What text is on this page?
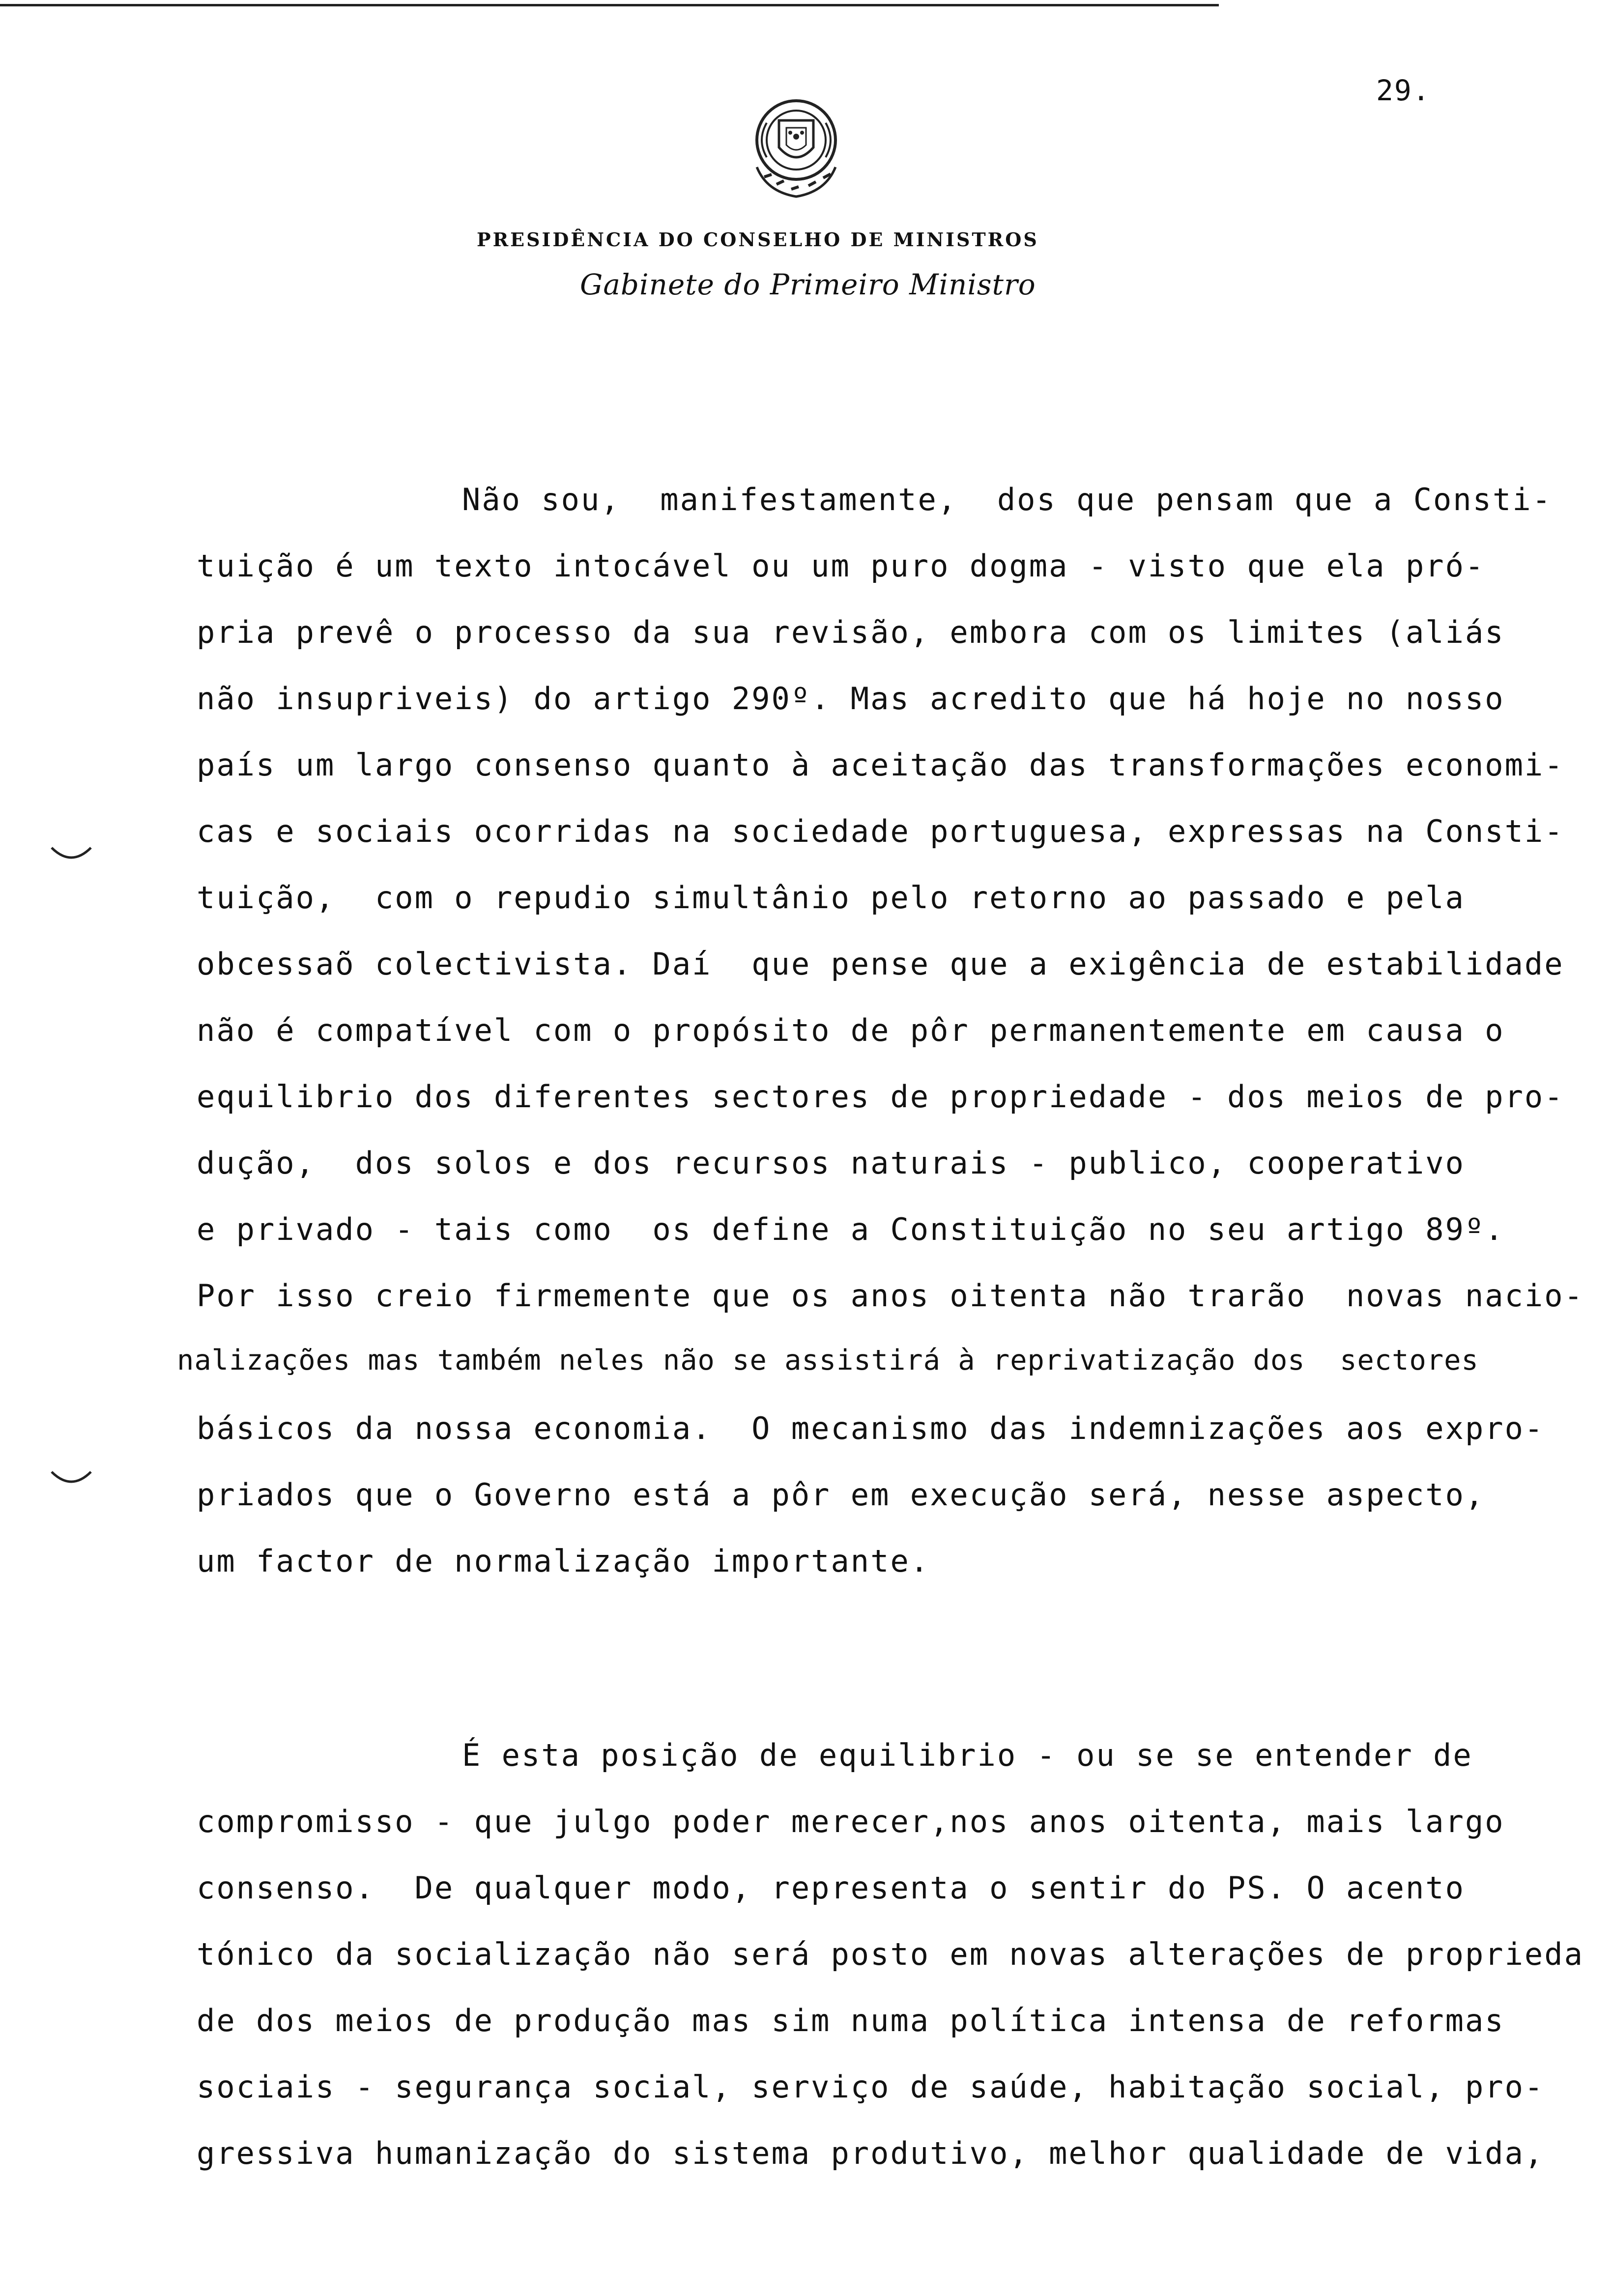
29.
PRESIDÊNCIA DO CONSELHO DE MINISTROS
Gabinete do Primeiro Ministro
Não sou,  manifestamente,  dos que pensam que a Consti-
tuição é um texto intocável ou um puro dogma - visto que ela pró-
pria prevê o processo da sua revisão, embora com os limites (aliás
não insupriveis) do artigo 290º. Mas acredito que há hoje no nosso
país um largo consenso quanto à aceitação das transformações economi-
cas e sociais ocorridas na sociedade portuguesa, expressas na Consti-
tuição,  com o repudio simultânio pelo retorno ao passado e pela
obcessaõ colectivista. Daí  que pense que a exigência de estabilidade
não é compatível com o propósito de pôr permanentemente em causa o
equilibrio dos diferentes sectores de propriedade - dos meios de pro-
dução,  dos solos e dos recursos naturais - publico, cooperativo
e privado - tais como  os define a Constituição no seu artigo 89º.
Por isso creio firmemente que os anos oitenta não trarão  novas nacio-
nalizações mas também neles não se assistirá à reprivatização dos  sectores
básicos da nossa economia.  O mecanismo das indemnizações aos expro-
priados que o Governo está a pôr em execução será, nesse aspecto,
um factor de normalização importante.
É esta posição de equilibrio - ou se se entender de
compromisso - que julgo poder merecer,nos anos oitenta, mais largo
consenso.  De qualquer modo, representa o sentir do PS. O acento
tónico da socialização não será posto em novas alterações de proprieda
de dos meios de produção mas sim numa política intensa de reformas
sociais - segurança social, serviço de saúde, habitação social, pro-
gressiva humanização do sistema produtivo, melhor qualidade de vida,
